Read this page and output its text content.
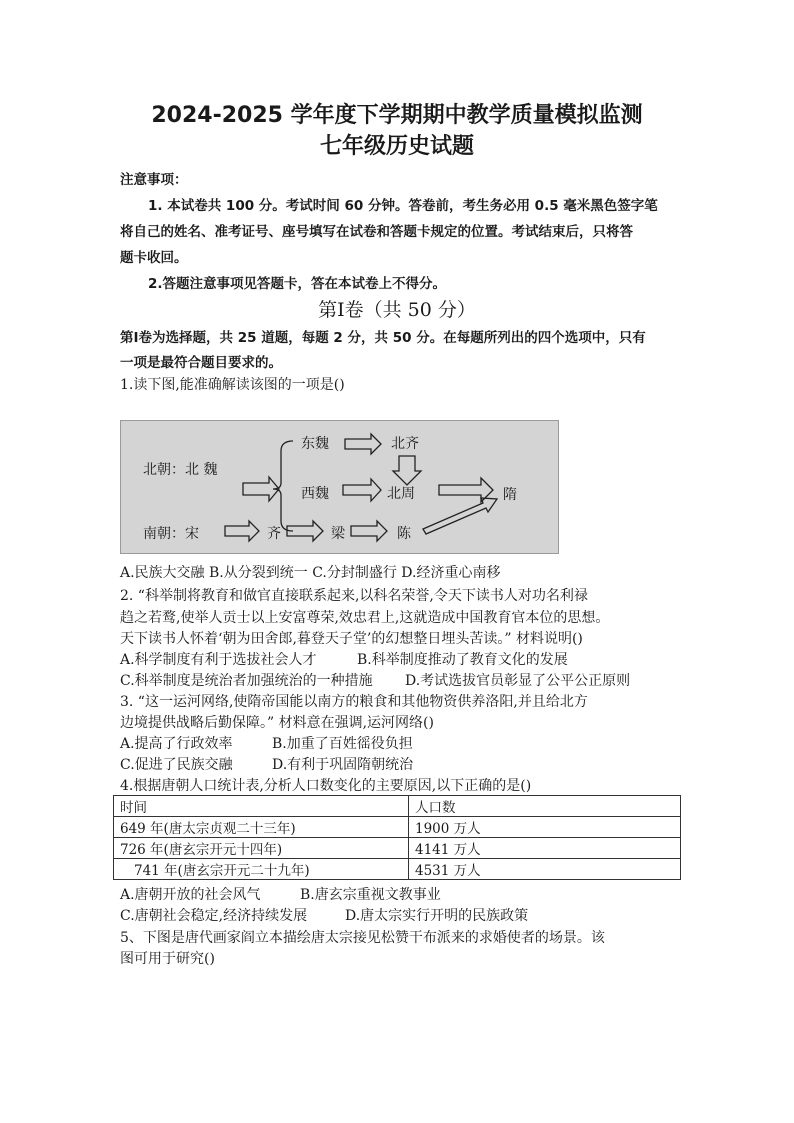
2024-2025 学年度下学期期中教学质量模拟监测
七年级历史试题
注意事项：
1. 本试卷共 100 分。考试时间 60 分钟。答卷前，考生务必用 0.5 毫米黑色签字笔
将自己的姓名、准考证号、座号填写在试卷和答题卡规定的位置。考试结束后，只将答
题卡收回。
2.答题注意事项见答题卡，答在本试卷上不得分。
第Ⅰ卷（共 50 分）
第Ⅰ卷为选择题，共 25 道题，每题 2 分，共 50 分。在每题所列出的四个选项中，只有
一项是最符合题目要求的。
1.读下图,能准确解读该图的一项是()
北朝：北 魏
东魏	北齐
西魏	北周	隋
南朝：宋	齐	梁	陈
A.民族大交融 B.从分裂到统一 C.分封制盛行 D.经济重心南移
2. “科举制将教育和做官直接联系起来,以科名荣誉,令天下读书人对功名利禄
趋之若鹜,使举人贡士以上安富尊荣,效忠君上,这就造成中国教育官本位的思想。
天下读书人怀着‘朝为田舍郎,暮登天子堂’的幻想整日埋头苦读。” 材料说明()
A.科学制度有利于选拔社会人才	B.科举制度推动了教育文化的发展
C.科举制度是统治者加强统治的一种措施 D.考试选拔官员彰显了公平公正原则
3. “这一运河网络,使隋帝国能以南方的粮食和其他物资供养洛阳,并且给北方
边境提供战略后勤保障。” 材料意在强调,运河网络()
A.提高了行政效率	B.加重了百姓徭役负担
C.促进了民族交融	D.有利于巩固隋朝统治
4.根据唐朝人口统计表,分析人口数变化的主要原因,以下正确的是()
时间	人口数
649 年(唐太宗贞观二十三年)	1900 万人
726 年(唐玄宗开元十四年)	4141 万人
741 年(唐玄宗开元二十九年)	4531 万人
A.唐朝开放的社会风气	B.唐玄宗重视文教事业
C.唐朝社会稳定,经济持续发展	D.唐太宗实行开明的民族政策
5、下图是唐代画家阎立本描绘唐太宗接见松赞干布派来的求婚使者的场景。该
图可用于研究()
